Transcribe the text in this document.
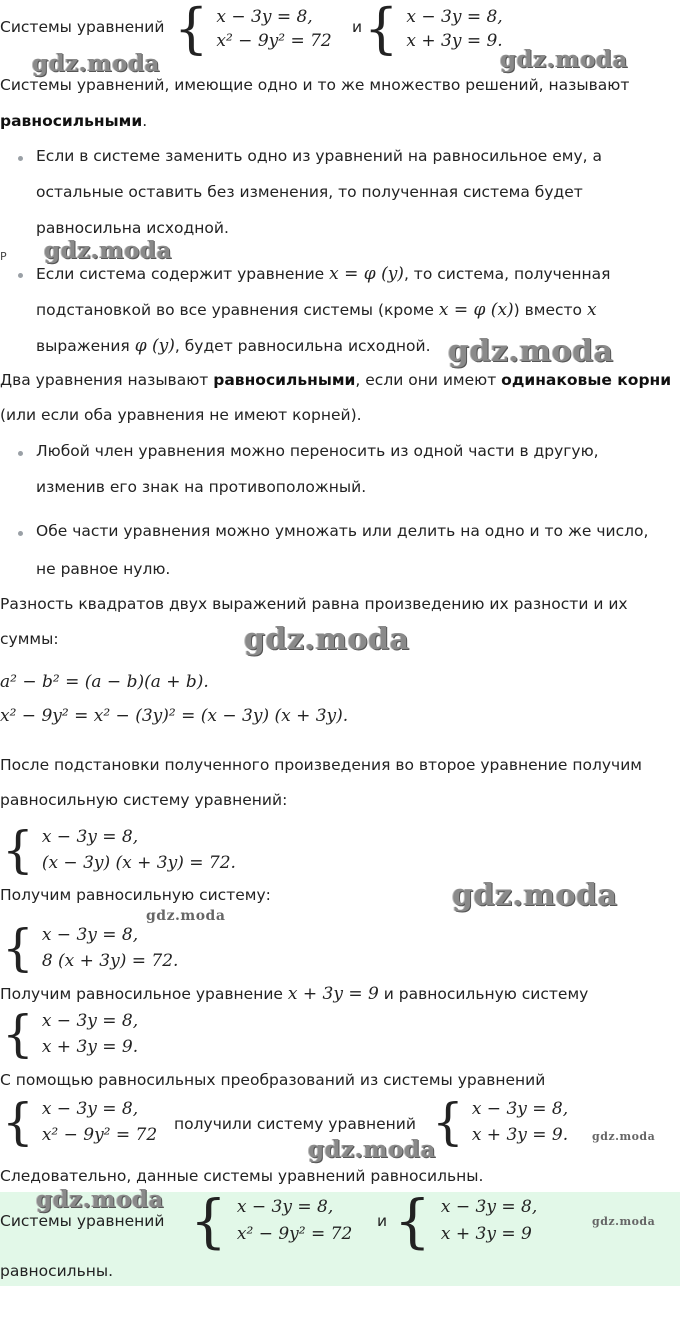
Системы уравнений { x − 3y = 8,
x² − 9y² = 72
и { x − 3y = 8,
x + 3y = 9.
gdz.moda	gdz.moda
Системы уравнений, имеющие одно и то же множество решений, называют
равносильными.
Если в системе заменить одно из уравнений на равносильное ему, а
остальные оставить без изменения, то полученная система будет
равносильна исходной.
Р gdz.moda
Если система содержит уравнение x = φ (y), то система, полученная
подстановкой во все уравнения системы (кроме x = φ (x)) вместо x
выражения φ (y), будет равносильна исходной. gdz.moda
Два уравнения называют равносильными, если они имеют одинаковые корни
(или если оба уравнения не имеют корней).
Любой член уравнения можно переносить из одной части в другую,
изменив его знак на противоположный.
Обе части уравнения можно умножать или делить на одно и то же число,
не равное нулю.
Разность квадратов двух выражений равна произведению их разности и их
суммы:	gdz.moda
a² − b² = (a − b)(a + b).
x² − 9y² = x² − (3y)² = (x − 3y) (x + 3y).
После подстановки полученного произведения во второе уравнение получим
равносильную систему уравнений:
{ x − 3y = 8,
(x − 3y) (x + 3y) = 72.
Получим равносильную систему:	gdz.moda
gdz.moda
{ x − 3y = 8,
8 (x + 3y) = 72.
Получим равносильное уравнение x + 3y = 9 и равносильную систему
{ x − 3y = 8,
x + 3y = 9.
С помощью равносильных преобразований из системы уравнений
{ x − 3y = 8,
x² − 9y² = 72
получили систему уравнений { x − 3y = 8,
x + 3y = 9. gdz.moda
gdz.moda
Следовательно, данные системы уравнений равносильны.
gdz.moda
Системы уравнений { x − 3y = 8,
x² − 9y² = 72
и { x − 3y = 8,
x + 3y = 9
gdz.moda
равносильны.
